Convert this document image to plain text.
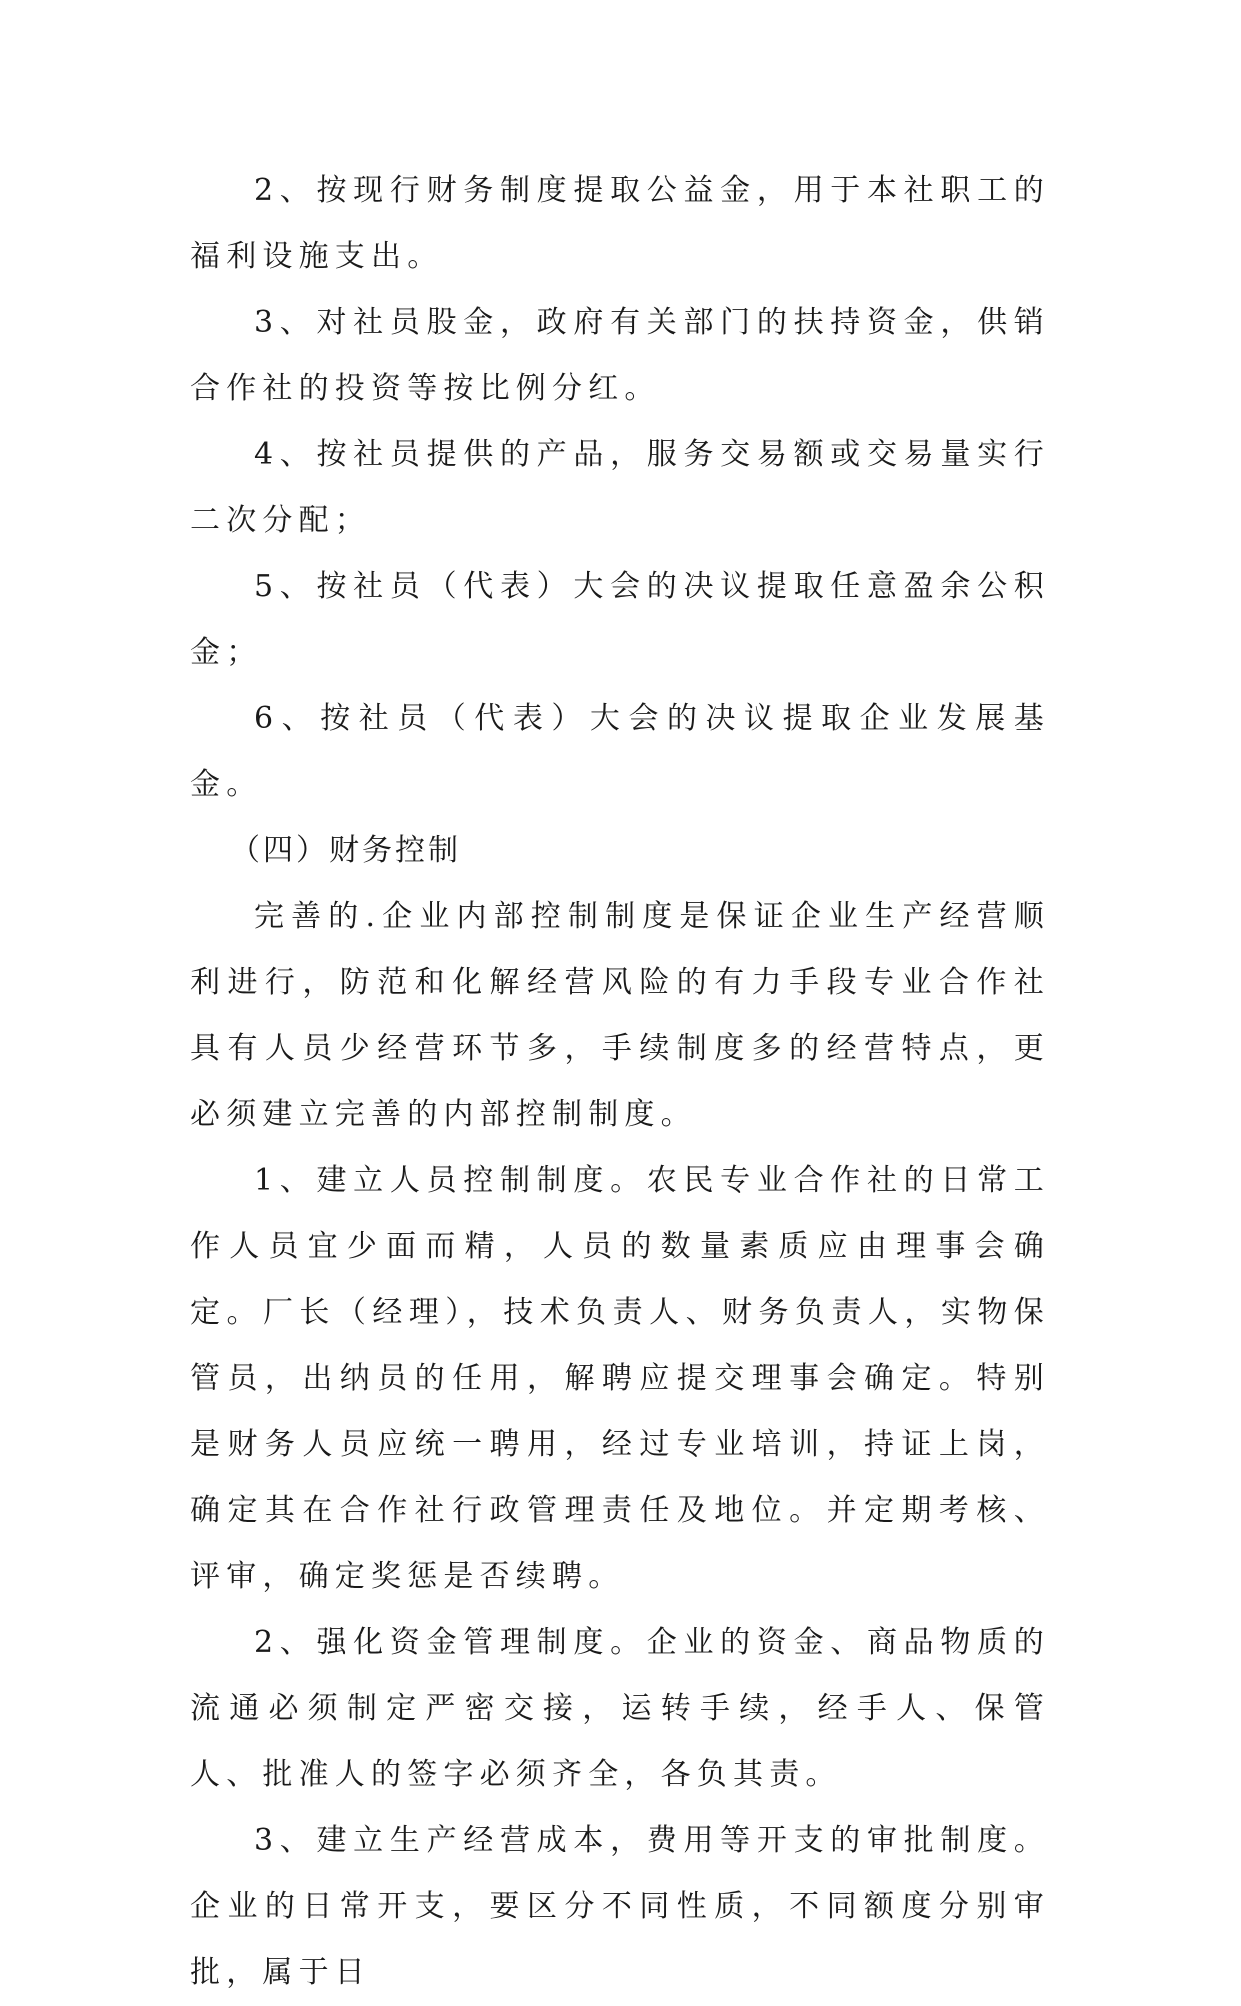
2、按现行财务制度提取公益金，用于本社职工的福利设施支出。

3、对社员股金，政府有关部门的扶持资金，供销合作社的投资等按比例分红。

4、按社员提供的产品，服务交易额或交易量实行二次分配；

5、按社员（代表）大会的决议提取任意盈余公积金；

6、按社员（代表）大会的决议提取企业发展基金。

（四）财务控制

完善的.企业内部控制制度是保证企业生产经营顺利进行，防范和化解经营风险的有力手段专业合作社具有人员少经营环节多，手续制度多的经营特点，更必须建立完善的内部控制制度。

1、建立人员控制制度。农民专业合作社的日常工作人员宜少面而精，人员的数量素质应由理事会确定。厂长（经理），技术负责人、财务负责人，实物保管员，出纳员的任用，解聘应提交理事会确定。特别是财务人员应统一聘用，经过专业培训，持证上岗，确定其在合作社行政管理责任及地位。并定期考核、评审，确定奖惩是否续聘。

2、强化资金管理制度。企业的资金、商品物质的流通必须制定严密交接，运转手续，经手人、保管人、批准人的签字必须齐全，各负其责。

3、建立生产经营成本，费用等开支的审批制度。企业的日常开支，要区分不同性质，不同额度分别审批，属于日
